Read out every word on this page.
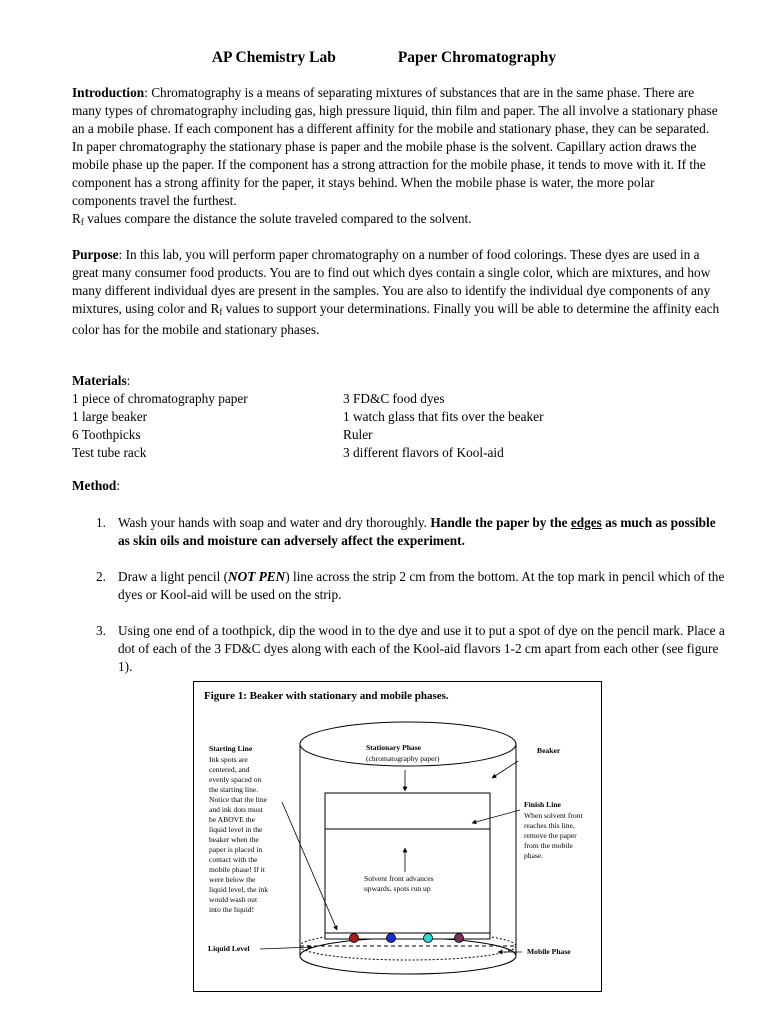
AP Chemistry Lab	Paper Chromatography

Introduction: Chromatography is a means of separating mixtures of substances that are in the same phase. There are many types of chromatography including gas, high pressure liquid, thin film and paper. The all involve a stationary phase an a mobile phase. If each component has a different affinity for the mobile and stationary phase, they can be separated. In paper chromatography the stationary phase is paper and the mobile phase is the solvent. Capillary action draws the mobile phase up the paper. If the component has a strong attraction for the mobile phase, it tends to move with it. If the component has a strong affinity for the paper, it stays behind. When the mobile phase is water, the more polar components travel the furthest.
$R_f$ values compare the distance the solute traveled compared to the solvent.

Purpose: In this lab, you will perform paper chromatography on a number of food colorings. These dyes are used in a great many consumer food products. You are to find out which dyes contain a single color, which are mixtures, and how many different individual dyes are present in the samples. You are also to identify the individual dye components of any mixtures, using color and $R_f$ values to support your determinations. Finally you will be able to determine the affinity each color has for the mobile and stationary phases.

Materials:
1 piece of chromatography paper	3 FD&C food dyes
1 large beaker	1 watch glass that fits over the beaker
6 Toothpicks	Ruler
Test tube rack	3 different flavors of Kool-aid
Method:
1. Wash your hands with soap and water and dry thoroughly. Handle the paper by the edges as much as possible as skin oils and moisture can adversely affect the experiment.
2. Draw a light pencil (NOT PEN) line across the strip 2 cm from the bottom. At the top mark in pencil which of the dyes or Kool-aid will be used on the strip.
3. Using one end of a toothpick, dip the wood in to the dye and use it to put a spot of dye on the pencil mark. Place a dot of each of the 3 FD&C dyes along with each of the Kool-aid flavors 1-2 cm apart from each other (see figure 1).
Figure 1: Beaker with stationary and mobile phases.
Beaker
Stationary Phase
(chromatography paper)
Starting Line
Ink spots are
centered, and
evenly spaced on
the starting line.
Notice that the line
and ink dots must
be ABOVE the
liquid level in the
beaker when the
paper is placed in
contact with the
mobile phase! If it
were below the
liquid level, the ink
would wash out
into the liquid!
Finish Line
When solvent front
reaches this line,
remove the paper
from the mobile
phase.
Solvent front advances
upwards, spots run up
Liquid Level	Mobile Phase
